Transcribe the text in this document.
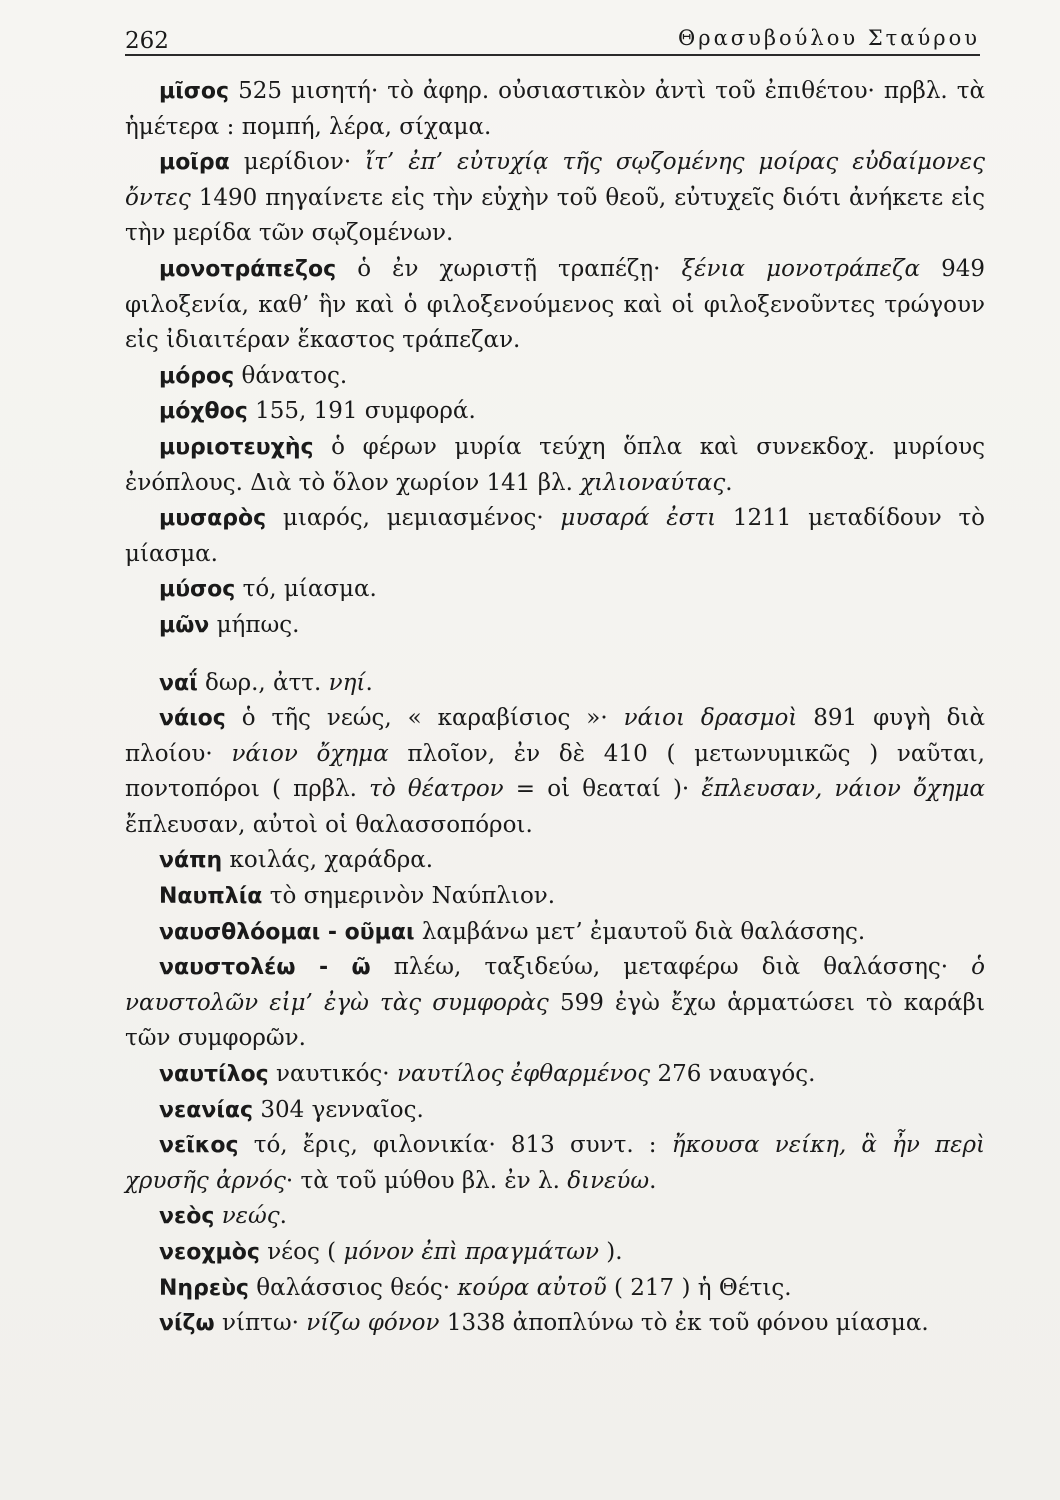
262	Θρασυβούλου Σταύρου

μῖσος 525 μισητή· τὸ ἀφηρ. οὐσιαστικὸν ἀντὶ τοῦ ἐπιθέτου· πρβλ. τὰ ἡμέτερα : πομπή, λέρα, σίχαμα.

μοῖρα μερίδιον· ἴτ’ ἐπ’ εὐτυχίᾳ τῆς σῳζομένης μοίρας εὐδαίμονες ὄντες 1490 πηγαίνετε εἰς τὴν εὐχὴν τοῦ θεοῦ, εὐτυχεῖς διότι ἀνήκετε εἰς τὴν μερίδα τῶν σῳζομένων.

μονοτράπεζος ὁ ἐν χωριστῇ τραπέζῃ· ξένια μονοτράπεζα 949 φιλοξενία, καθ’ ἣν καὶ ὁ φιλοξενούμενος καὶ οἱ φιλοξενοῦντες τρώγουν εἰς ἰδιαιτέραν ἕκαστος τράπεζαν.

μόρος θάνατος.

μόχθος 155, 191 συμφορά.

μυριοτευχὴς ὁ φέρων μυρία τεύχη ὅπλα καὶ συνεκδοχ. μυρίους ἐνόπλους. Διὰ τὸ ὅλον χωρίον 141 βλ. χιλιοναύτας.

μυσαρὸς μιαρός, μεμιασμένος· μυσαρά ἐστι 1211 μεταδίδουν τὸ μίασμα.

μύσος τό, μίασμα.

μῶν μήπως.

ναΐ δωρ., ἀττ. νηί.

νάιος ὁ τῆς νεώς, « καραβίσιος »· νάιοι δρασμοὶ 891 φυγὴ διὰ πλοίου· νάιον ὄχημα πλοῖον, ἐν δὲ 410 ( μετωνυμικῶς ) ναῦται, ποντοπόροι ( πρβλ. τὸ θέατρον = οἱ θεαταί )· ἔπλευσαν, νάιον ὄχημα ἔπλευσαν, αὐτοὶ οἱ θαλασσοπόροι.

νάπη κοιλάς, χαράδρα.

Ναυπλία τὸ σημερινὸν Ναύπλιον.

ναυσθλόομαι - οῦμαι λαμβάνω μετ’ ἐμαυτοῦ διὰ θαλάσσης.

ναυστολέω - ῶ πλέω, ταξιδεύω, μεταφέρω διὰ θαλάσσης· ὁ ναυστολῶν εἰμ’ ἐγὼ τὰς συμφορὰς 599 ἐγὼ ἔχω ἁρματώσει τὸ καράβι τῶν συμφορῶν.

ναυτίλος ναυτικός· ναυτίλος ἐφθαρμένος 276 ναυαγός.

νεανίας 304 γενναῖος.

νεῖκος τό, ἔρις, φιλονικία· 813 συντ. : ἤκουσα νείκη, ἃ ἦν περὶ χρυσῆς ἀρνός· τὰ τοῦ μύθου βλ. ἐν λ. δινεύω.

νεὸς νεώς.

νεοχμὸς νέος ( μόνον ἐπὶ πραγμάτων ).

Νηρεὺς θαλάσσιος θεός· κούρα αὐτοῦ ( 217 ) ἡ Θέτις.

νίζω νίπτω· νίζω φόνον 1338 ἀποπλύνω τὸ ἐκ τοῦ φόνου μίασμα.
